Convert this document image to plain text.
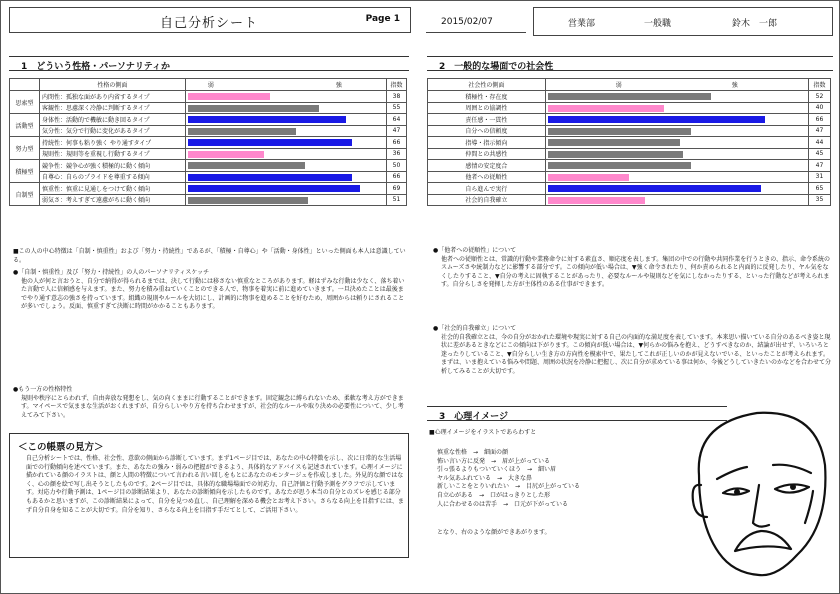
自己分析シート	Page 1	2015/02/07	営業部	一般職	鈴木　一郎
1　どういう性格・パーソナリティか
	性格の側面	弱 強	指数
思索型	内閉性：孤独な面があり内省するタイプ		38
	客観性：思慮深く冷静に判断するタイプ		55
活動型	身体性：活動的で機敏に動き回るタイプ		64
	気分性：気分で行動に変化があるタイプ		47
努力型	持続性：何事も粘り強く やり通すタイプ		66
	規則性：規則等を重視し行動するタイプ		36
積極型	競争性：競争心が強く積極的に動く傾向		50
	自尊心：自らのプライドを尊重する傾向		66
自制型	慎重性：慎重に見通しをつけて動く傾向		69
	弱気さ：考えすぎて遠慮がちに動く傾向		51
■この人の中心特徴は「自制・慎重性」および「努力・持続性」であるが、「積極・自尊心」や「活動・身体性」といった側面も本人は意識している。

●「自制・慎重性」及び「努力・持続性」の人のパーソナリティスケッチ

他の人が何と言おうと、自分で納得が得られるまでは、決して行動には移さない慎重なところがあります。軽はずみな行動は少なく、落ち着いた言動で人に信頼感を与えます。また、努力を積み重ねていくことのできる人で、物事を着実に前に進めていきます。一旦決めたことは最後までやり通す意志の強さを持っています。組織の規則やルールを大切にし、計画的に物事を進めることを好むため、周囲からは頼りにされることが多いでしょう。反面、慎重すぎて決断に時間がかかることもあります。

●もう一方の性格特性

規則や秩序にとらわれず、自由奔放な発想をし、気の向くままに行動することができます。固定観念に縛られないため、柔軟な考え方ができます。マイペースで気ままな生活がおくれますが、自分らしいやり方を持ち合わせますが、社会的なルールや取り決めの必要性について、少し考えてみて下さい。

＜この帳票の見方＞
自己分析シートでは、性格、社会性、意欲の側面から診断しています。まず1ページ目では、あなたの中心特徴を示し、次に日常的な生活場面での行動傾向を述べています。また、あなたの強み・弱みの把握ができるよう、具体的なアドバイスも記述されています。心理イメージに描かれている顔のイラストは、顔と人間の特徴について言われる言い回しをもとにあなたのモンタージュを作成しました。外見的な顔ではなく、心の顔を絵で写し出そうとしたものです。2ページ目では、具体的な職場場面での対応力、自己評価と行動予測をグラフで示しています。対応力や行動予測は、1ページ目の診断結果より、あなたの診断傾向を示したものです。あなたが思う本当の自分とのズレを感じる部分もあるかと思いますが、この診断結果によって、自分を見つめ直し、自己理解を深める機会とお考え下さい。さらなる向上を目指すには、まず自分自身を知ることが大切です。自分を知り、さらなる向上を目指す手だてとして、ご活用下さい。
2　一般的な場面での社会性
社会性の側面	弱 強	指数
積極性・存在度		52
周囲との協調性		40
責任感・一貫性		66
自分への信頼度		47
指導・指示傾向		44
仲間との共感性		45
感情の安定度合		47
他者への従順性		31
自ら進んで実行		65
社会的自我確立		35

●「他者への従順性」について

他者への従順性とは、常識的行動や業務命令に対する素直さ、順応度を表します。集団の中での行動や共同作業を行うときの、指示、命令系統のスムーズさや統制力などに影響する部分です。この傾向が低い場合は、▼強く命令されたり、何か責められると内面的に反発したり、ヤル気をなくしたりすること、▼自分の考えに固執することがあったり、必要なルールや規則などを気にしなかったりする、といった行動などが考えられます。自分らしさを発揮した方が主体性のある仕事ができます。

●「社会的自我確立」について

社会的自我確立とは、今の自分がおかれた環境や現実に対する自己の内面的な満足度を表しています。本来思い描いている自分のあるべき姿と現状に差があるときなどにこの傾向は下がります。この傾向が低い場合は、▼何らかの悩みを抱え、どうすべきなのか、結論が出せず、いろいろと迷ったりしていること、▼自分らしい生き方の方向性を模索中で、果たしてこれが正しいのかが見えないでいる、といったことが考えられます。まずは、いま抱えている悩みや問題、周囲の状況を冷静に把握し、次に自分が求めている事は何か、今後どうしていきたいのかなどを合わせて分析してみることが大切です。

3　心理イメージ
■心理イメージをイラストであらわすと

慎重な性格　→　細面の顔

怖い言い方に反発　→　眉が上がっている

引っ張るよりもついていくほう　→　細い眉

ヤル気あふれている　→　大きな鼻

新しいことをとりいれたい　→　目尻が上がっている

自立心がある　→　口がはっきりとした形

人に合わせるのは苦手　→　口元が下がっている

となり、右のような顔ができあがります。
